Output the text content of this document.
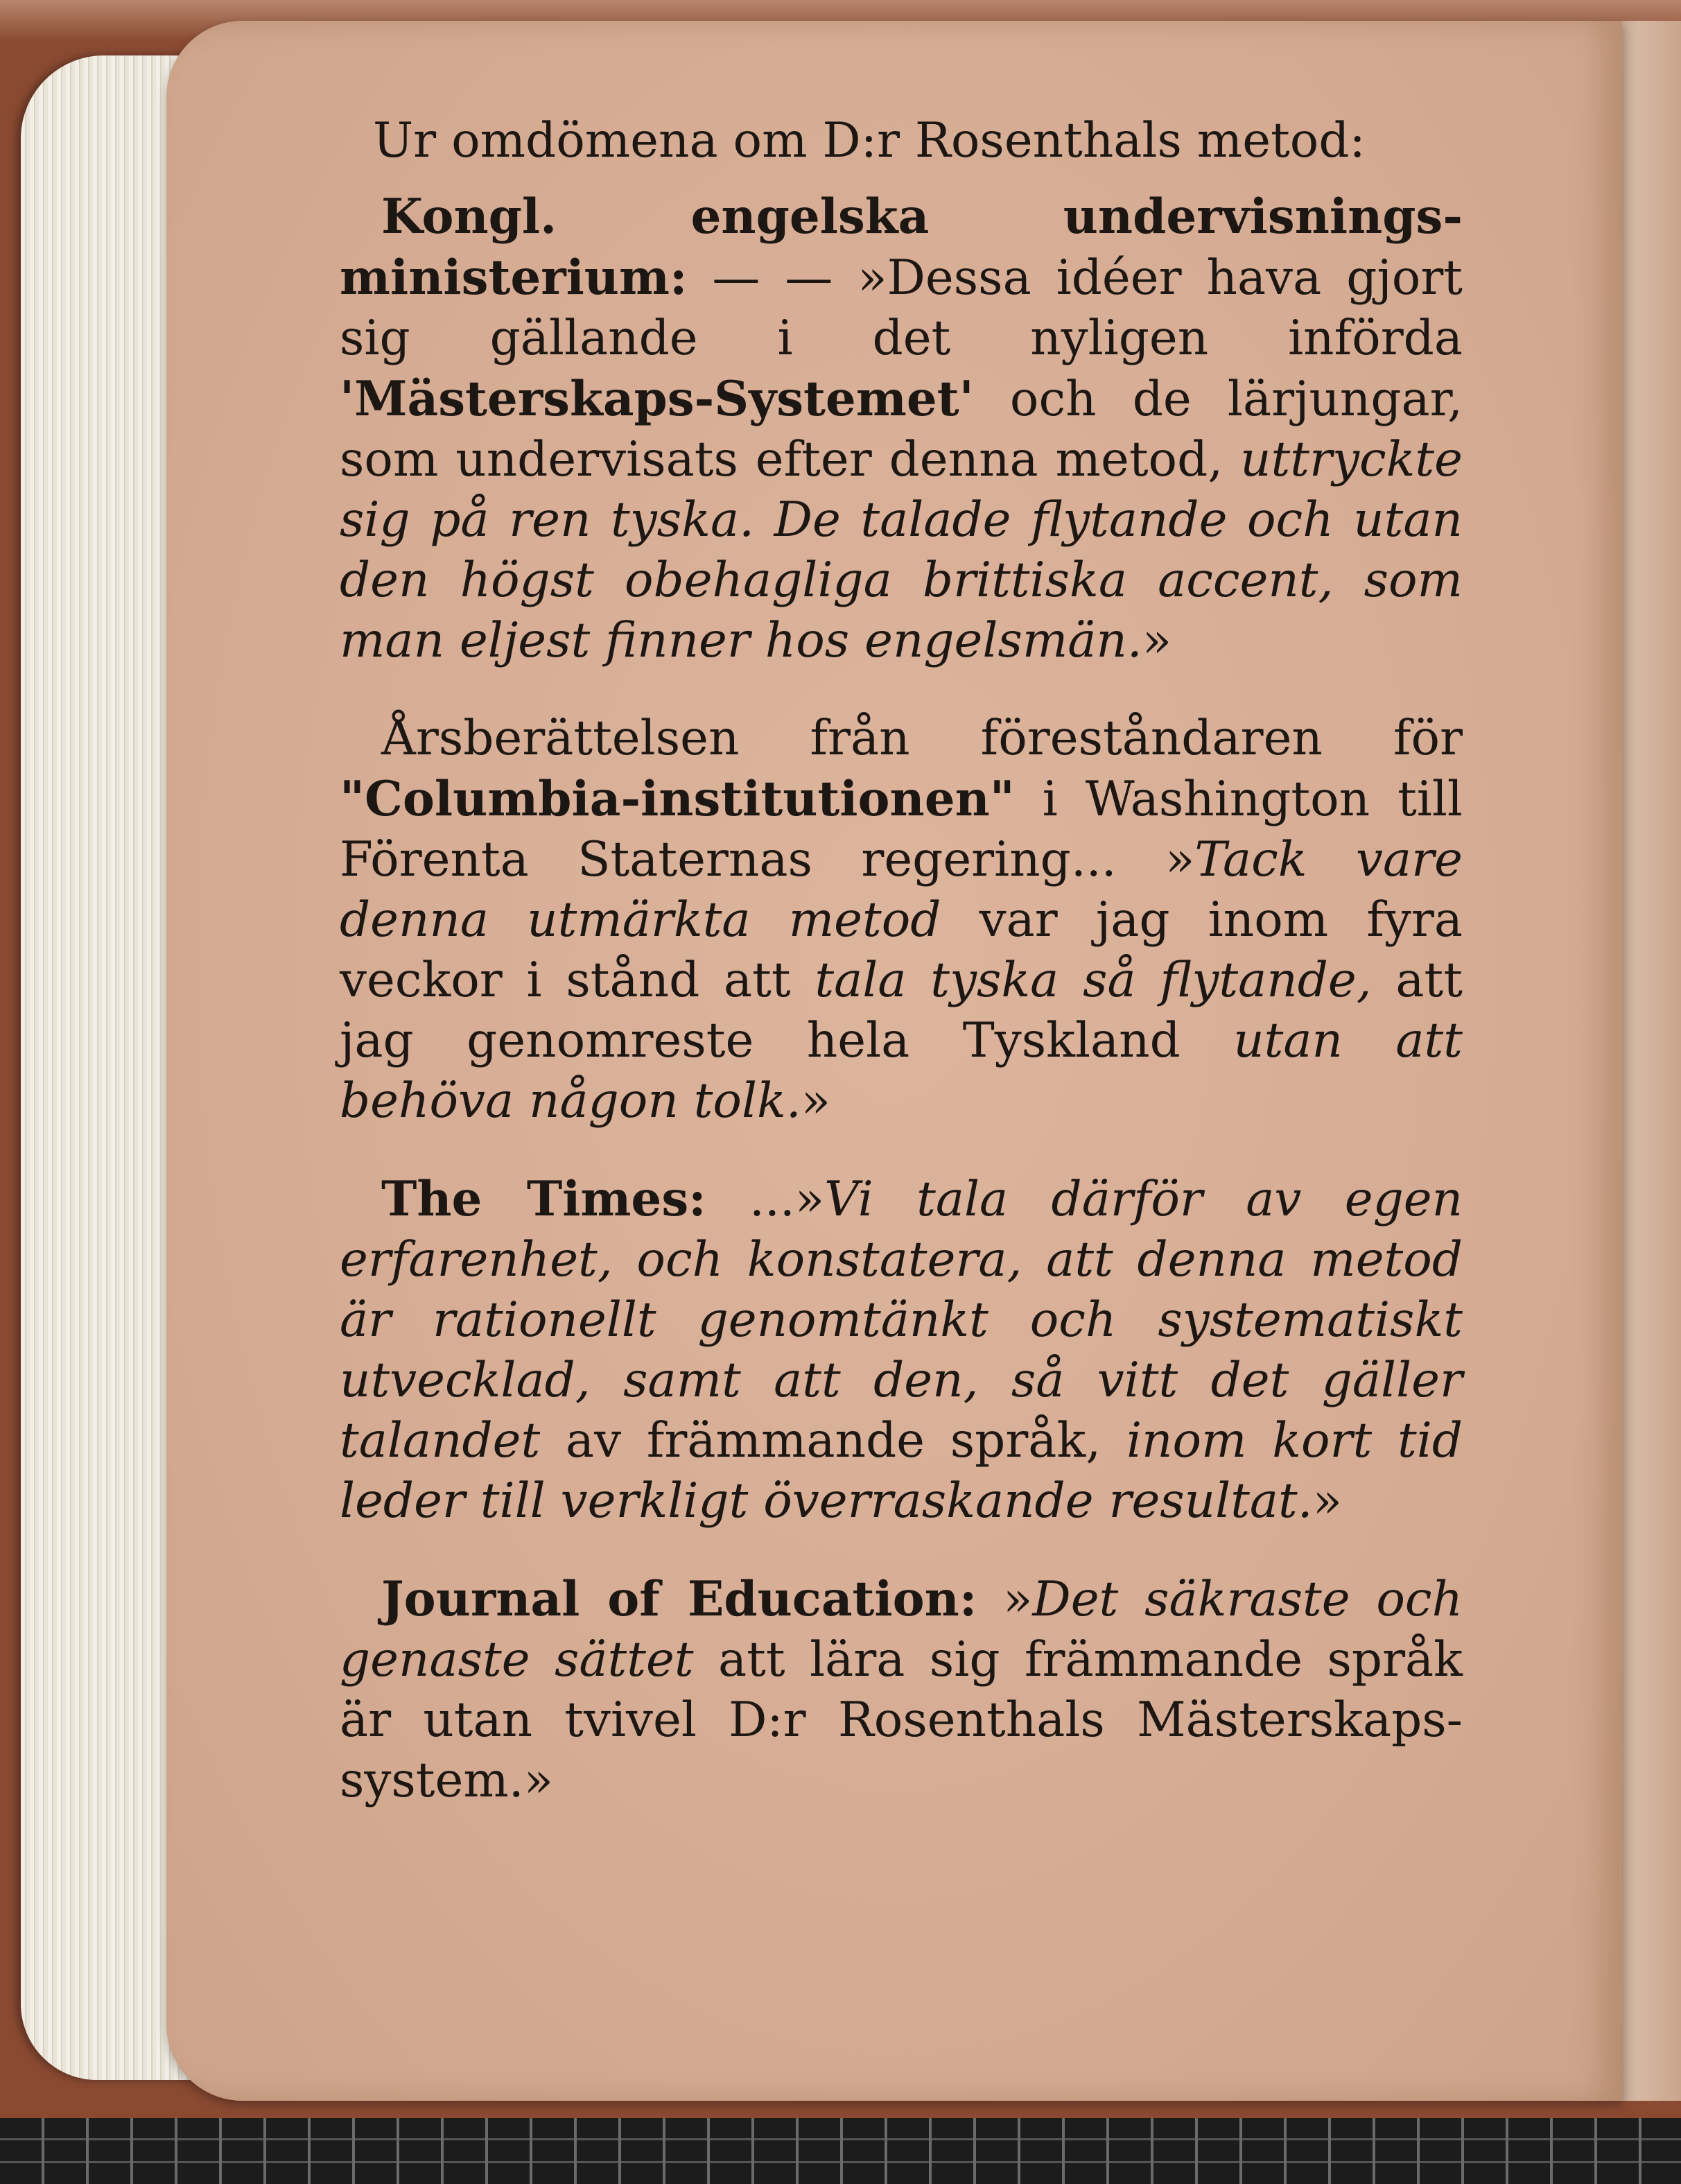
Ur omdömena om D:r Rosenthals metod:

Kongl. engelska undervisnings-ministerium: — — »Dessa idéer hava gjort sig gällande i det nyligen införda 'Mästerskaps-Systemet' och de lärjungar, som undervisats efter denna metod, uttryckte sig på ren tyska. De talade flytande och utan den högst obehagliga brittiska accent, som man eljest finner hos engelsmän.»

Årsberättelsen från föreståndaren för "Columbia-institutionen" i Washington till Förenta Staternas regering... »Tack vare denna utmärkta metod var jag inom fyra veckor i stånd att tala tyska så flytande, att jag genomreste hela Tyskland utan att behöva någon tolk.»

The Times: ...»Vi tala därför av egen erfarenhet, och konstatera, att denna metod är rationellt genomtänkt och systematiskt utvecklad, samt att den, så vitt det gäller talandet av främmande språk, inom kort tid leder till verkligt överraskande resultat.»

Journal of Education: »Det säkraste och genaste sättet att lära sig främmande språk är utan tvivel D:r Rosenthals Mästerskaps-system.»
